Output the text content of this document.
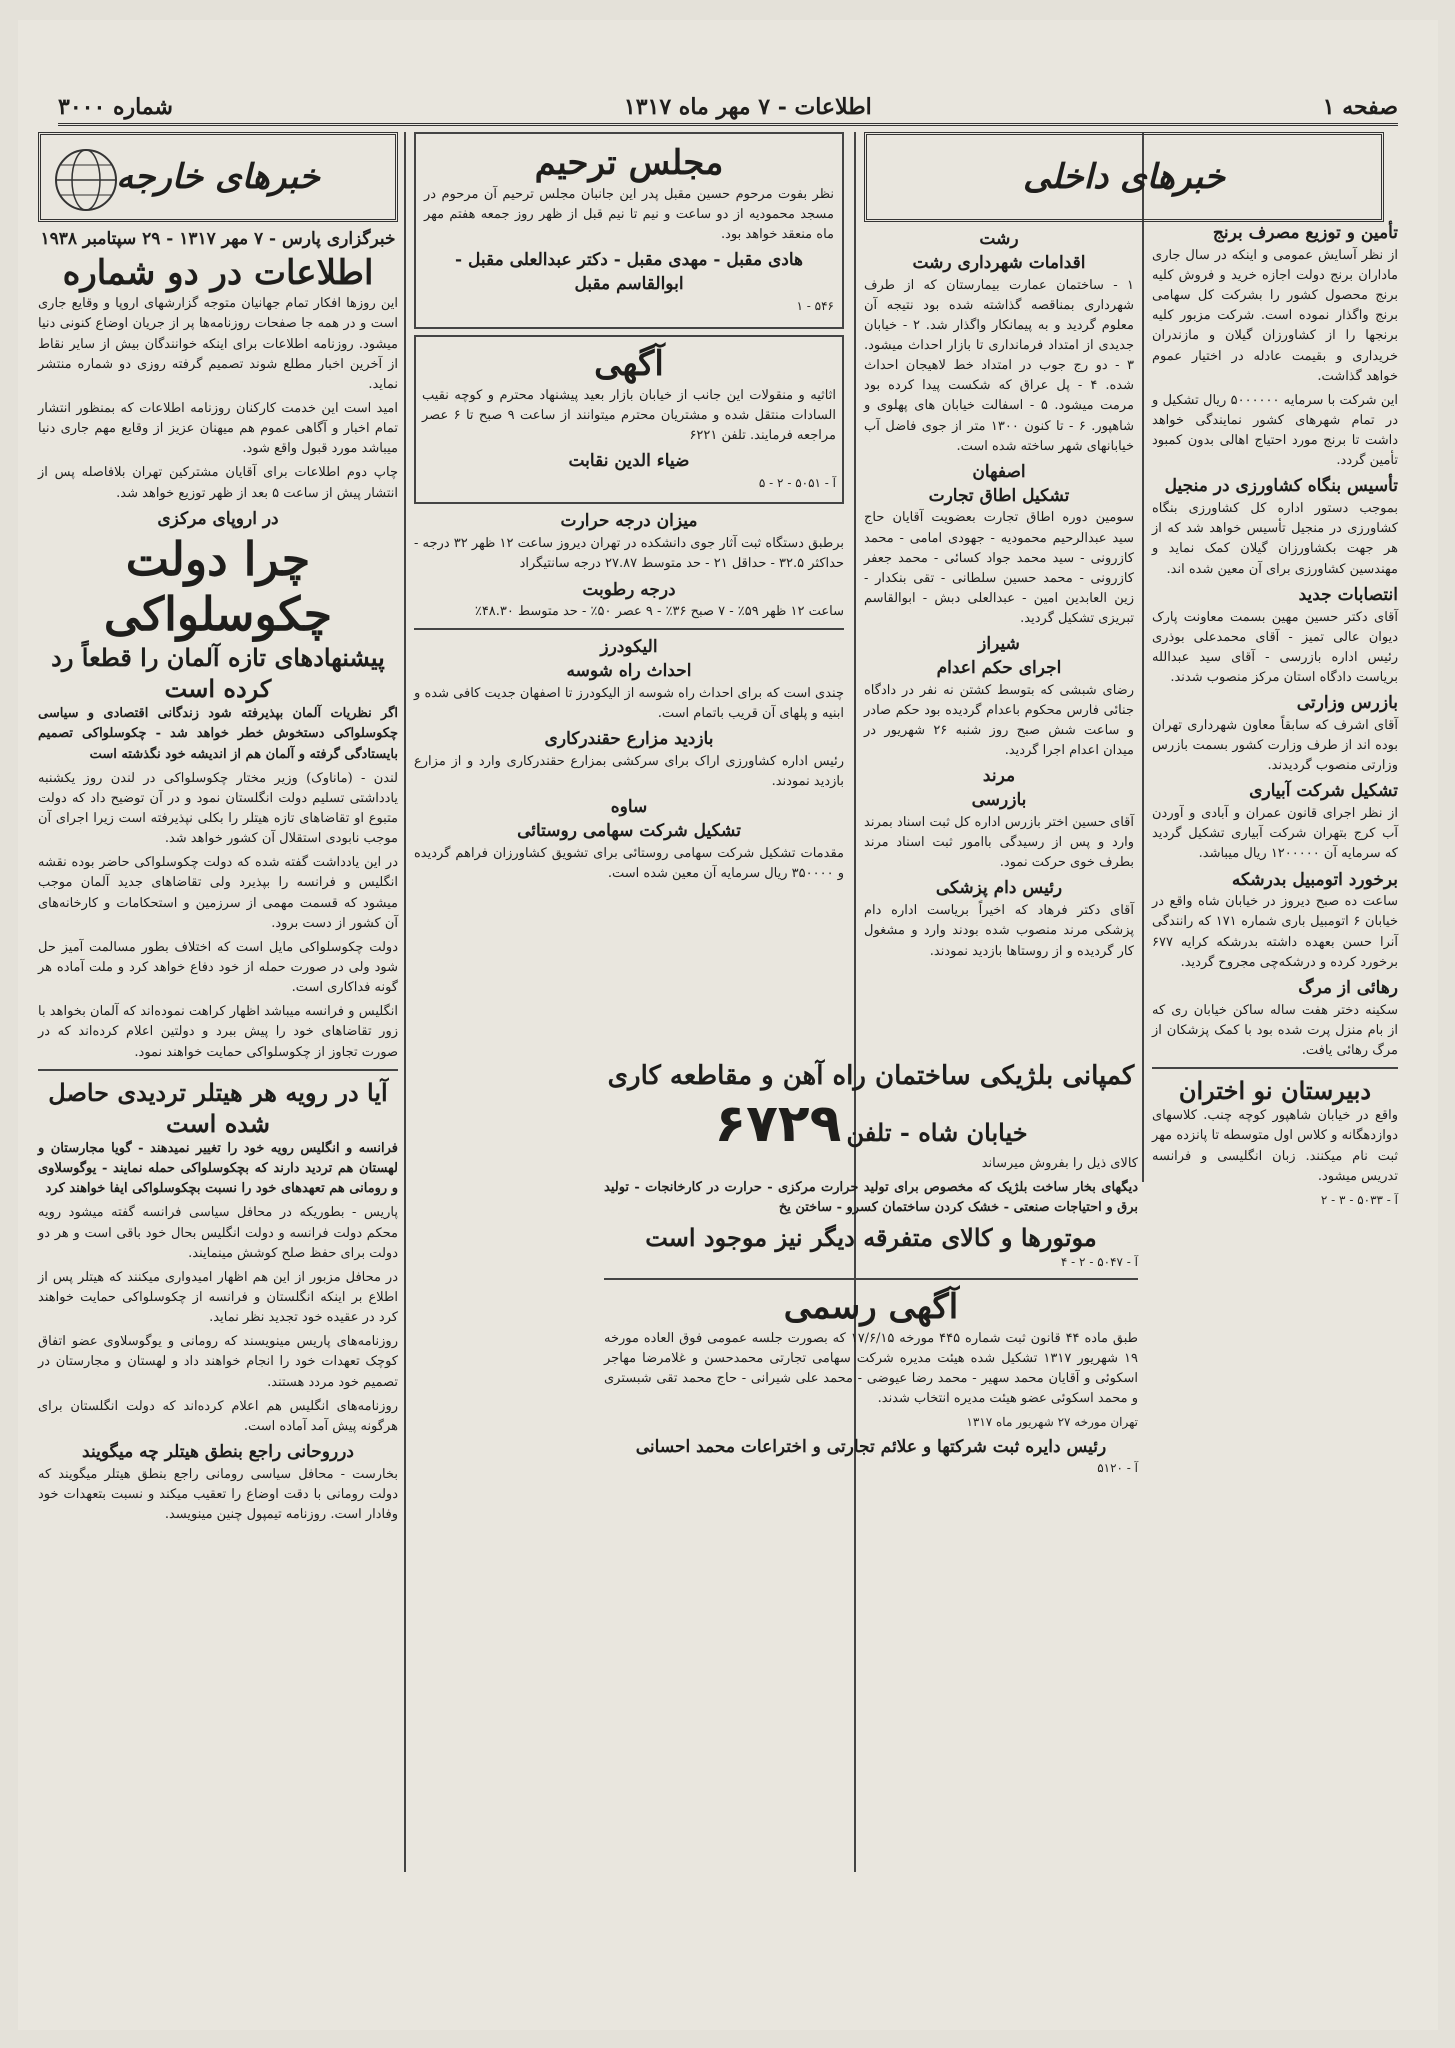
صفحه ۱
اطلاعات - ۷ مهر ماه ۱۳۱۷
شماره ۳۰۰۰
تأمین و توزیع مصرف برنج

از نظر آسایش عمومی و اینکه در سال جاری ماداران برنج دولت اجازه خرید و فروش کلیه برنج محصول کشور را بشرکت کل سهامی برنج واگذار نموده است. شرکت مزبور کلیه برنجها را از کشاورزان گیلان و مازندران خریداری و بقیمت عادله در اختیار عموم خواهد گذاشت.

این شرکت با سرمایه ۵۰۰۰۰۰۰ ریال تشکیل و در تمام شهرهای کشور نمایندگی خواهد داشت تا برنج مورد احتیاج اهالی بدون کمبود تأمین گردد.

تأسیس بنگاه کشاورزی در منجیل

بموجب دستور اداره کل کشاورزی بنگاه کشاورزی در منجیل تأسیس خواهد شد که از هر جهت بکشاورزان گیلان کمک نماید و مهندسین کشاورزی برای آن معین شده اند.

انتصابات جدید

آقای دکتر حسین مهین بسمت معاونت پارک دیوان عالی تمیز - آقای محمدعلی بوذری رئیس اداره بازرسی - آقای سید عبدالله بریاست دادگاه استان مرکز منصوب شدند.

بازرس وزارتی

آقای اشرف که سابقاً معاون شهرداری تهران بوده اند از طرف وزارت کشور بسمت بازرس وزارتی منصوب گردیدند.

تشکیل شرکت آبیاری

از نظر اجرای قانون عمران و آبادی و آوردن آب کرج بتهران شرکت آبیاری تشکیل گردید که سرمایه آن ۱۲۰۰۰۰۰ ریال میباشد.

برخورد اتومبیل بدرشکه

ساعت ده صبح دیروز در خیابان شاه واقع در خیابان ۶ اتومبیل باری شماره ۱۷۱ که رانندگی آنرا حسن بعهده داشته بدرشکه کرایه ۶۷۷ برخورد کرده و درشکه‌چی مجروح گردید.

رهائی از مرگ

سکینه دختر هفت ساله ساکن خیابان ری که از بام منزل پرت شده بود با کمک پزشکان از مرگ رهائی یافت.

دبیرستان نو اختران

واقع در خیابان شاهپور کوچه چنب. کلاسهای دوازدهگانه و کلاس اول متوسطه تا پانزده مهر ثبت نام میکنند. زبان انگلیسی و فرانسه تدریس میشود.

آ - ۵۰۳۳ - ۳ - ۲

خبرهای داخلی
رشت
اقدامات شهرداری رشت

۱ - ساختمان عمارت بیمارستان که از طرف شهرداری بمناقصه گذاشته شده بود نتیجه آن معلوم گردید و به پیمانکار واگذار شد. ۲ - خیابان جدیدی از امتداد فرمانداری تا بازار احداث میشود. ۳ - دو رج جوب در امتداد خط لاهیجان احداث شده. ۴ - پل عراق که شکست پیدا کرده بود مرمت میشود. ۵ - اسفالت خیابان های پهلوی و شاهپور. ۶ - تا کنون ۱۳۰۰ متر از جوی فاضل آب خیابانهای شهر ساخته شده است.

اصفهان
تشکیل اطاق تجارت

سومین دوره اطاق تجارت بعضویت آقایان حاج سید عبدالرحیم محمودیه - جهودی امامی - محمد کازرونی - سید محمد جواد کسائی - محمد جعفر کازرونی - محمد حسین سلطانی - تقی بنکدار - زین العابدین امین - عبدالعلی دبش - ابوالقاسم تبریزی تشکیل گردید.

شیراز
اجرای حکم اعدام

رضای شبشی که بتوسط کشتن نه نفر در دادگاه جنائی فارس محکوم باعدام گردیده بود حکم صادر و ساعت شش صبح روز شنبه ۲۶ شهریور در میدان اعدام اجرا گردید.

مرند
بازرسی

آقای حسین اختر بازرس اداره کل ثبت اسناد بمرند وارد و پس از رسیدگی باامور ثبت اسناد مرند بطرف خوی حرکت نمود.

رئیس دام پزشکی

آقای دکتر فرهاد که اخیراً بریاست اداره دام پزشکی مرند منصوب شده بودند وارد و مشغول کار گردیده و از روستاها بازدید نمودند.

مجلس ترحیم

نظر بفوت مرحوم حسین مقبل پدر این جانبان مجلس ترحیم آن مرحوم در مسجد محمودیه از دو ساعت و نیم تا نیم قبل از ظهر روز جمعه هفتم مهر ماه منعقد خواهد بود.

هادی مقبل - مهدی مقبل - دکتر عبدالعلی مقبل - ابوالقاسم مقبل

۵۴۶ - ۱

آگهی

اثاثیه و منقولات این جانب از خیابان بازار بعید پیشنهاد محترم و کوچه نقیب السادات منتقل شده و مشتریان محترم میتوانند از ساعت ۹ صبح تا ۶ عصر مراجعه فرمایند. تلفن ۶۲۲۱

ضیاء الدین نقابت

آ - ۵۰۵۱ - ۲ - ۵

میزان درجه حرارت

برطبق دستگاه ثبت آثار جوی دانشکده در تهران دیروز ساعت ۱۲ ظهر ۳۲ درجه - حداکثر ۳۲.۵ - حداقل ۲۱ - حد متوسط ۲۷.۸۷ درجه سانتیگراد

درجه رطوبت

ساعت ۱۲ ظهر ۵۹٪ - ۷ صبح ۳۶٪ - ۹ عصر ۵۰٪ - حد متوسط ۴۸.۳۰٪

الیکودرز
احداث راه شوسه

چندی است که برای احداث راه شوسه از الیکودرز تا اصفهان جدیت کافی شده و ابنیه و پلهای آن قریب باتمام است.

بازدید مزارع حقندرکاری

رئیس اداره کشاورزی اراک برای سرکشی بمزارع حقندرکاری وارد و از مزارع بازدید نمودند.

ساوه
تشکیل شرکت سهامی روستائی

مقدمات تشکیل شرکت سهامی روستائی برای تشویق کشاورزان فراهم گردیده و ۳۵۰۰۰۰ ریال سرمایه آن معین شده است.

خبرهای خارجه
خبرگزاری پارس - ۷ مهر ۱۳۱۷ - ۲۹ سپتامبر ۱۹۳۸
اطلاعات در دو شماره

این روزها افکار تمام جهانیان متوجه گزارشهای اروپا و وقایع جاری است و در همه جا صفحات روزنامه‌ها پر از جریان اوضاع کنونی دنیا میشود. روزنامه اطلاعات برای اینکه خوانندگان بیش از سایر نقاط از آخرین اخبار مطلع شوند تصمیم گرفته روزی دو شماره منتشر نماید.

امید است این خدمت کارکنان روزنامه اطلاعات که بمنظور انتشار تمام اخبار و آگاهی عموم هم میهنان عزیز از وقایع مهم جاری دنیا میباشد مورد قبول واقع شود.

چاپ دوم اطلاعات برای آقایان مشترکین تهران بلافاصله پس از انتشار پیش از ساعت ۵ بعد از ظهر توزیع خواهد شد.

در اروپای مرکزی
چرا دولت چکوسلواکی
پیشنهادهای تازه آلمان را قطعاً رد کرده است

اگر نظریات آلمان بپذیرفته شود زندگانی اقتصادی و سیاسی چکوسلواکی دستخوش خطر خواهد شد - چکوسلواکی تصمیم بایستادگی گرفته و آلمان هم از اندیشه خود نگذشته است

لندن - (ماناوک) وزیر مختار چکوسلواکی در لندن روز یکشنبه یادداشتی تسلیم دولت انگلستان نمود و در آن توضیح داد که دولت متبوع او تقاضاهای تازه هیتلر را بکلی نپذیرفته است زیرا اجرای آن موجب نابودی استقلال آن کشور خواهد شد.

در این یادداشت گفته شده که دولت چکوسلواکی حاضر بوده نقشه انگلیس و فرانسه را بپذیرد ولی تقاضاهای جدید آلمان موجب میشود که قسمت مهمی از سرزمین و استحکامات و کارخانه‌های آن کشور از دست برود.

دولت چکوسلواکی مایل است که اختلاف بطور مسالمت آمیز حل شود ولی در صورت حمله از خود دفاع خواهد کرد و ملت آماده هر گونه فداکاری است.

انگلیس و فرانسه میباشد اظهار کراهت نموده‌اند که آلمان بخواهد با زور تقاضاهای خود را پیش ببرد و دولتین اعلام کرده‌اند که در صورت تجاوز از چکوسلواکی حمایت خواهند نمود.

آیا در رویه هر هیتلر تردیدی حاصل شده است

فرانسه و انگلیس رویه خود را تغییر نمیدهند - گویا مجارستان و لهستان هم تردید دارند که بچکوسلواکی حمله نمایند - یوگوسلاوی و رومانی هم تعهدهای خود را نسبت بچکوسلواکی ایفا خواهند کرد

پاریس - بطوریکه در محافل سیاسی فرانسه گفته میشود رویه محکم دولت فرانسه و دولت انگلیس بحال خود باقی است و هر دو دولت برای حفظ صلح کوشش مینمایند.

در محافل مزبور از این هم اظهار امیدواری میکنند که هیتلر پس از اطلاع بر اینکه انگلستان و فرانسه از چکوسلواکی حمایت خواهند کرد در عقیده خود تجدید نظر نماید.

روزنامه‌های پاریس مینویسند که رومانی و یوگوسلاوی عضو اتفاق کوچک تعهدات خود را انجام خواهند داد و لهستان و مجارستان در تصمیم خود مردد هستند.

روزنامه‌های انگلیس هم اعلام کرده‌اند که دولت انگلستان برای هرگونه پیش آمد آماده است.

درروحانی راجع بنطق هیتلر چه میگویند

بخارست - محافل سیاسی رومانی راجع بنطق هیتلر میگویند که دولت رومانی با دقت اوضاع را تعقیب میکند و نسبت بتعهدات خود وفادار است. روزنامه تیمپول چنین مینویسد.

کمپانی بلژیکی ساختمان راه آهن و مقاطعه کاری
خیابان شاه - تلفن ۶۷۲۹

کالای ذیل را بفروش میرساند

دیگهای بخار ساخت بلژیک که مخصوص برای تولید حرارت مرکزی - حرارت در کارخانجات - تولید برق و احتیاجات صنعتی - خشک کردن ساختمان کسرو - ساختن یخ

موتورها و کالای متفرقه دیگر نیز موجود است

آ - ۵۰۴۷ - ۲ - ۴

آگهی رسمی

طبق ماده ۴۴ قانون ثبت شماره ۴۴۵ مورخه ۱۷/۶/۱۵ که بصورت جلسه عمومی فوق العاده مورخه ۱۹ شهریور ۱۳۱۷ تشکیل شده هیئت مدیره شرکت سهامی تجارتی محمدحسن و غلامرضا مهاجر اسکوئی و آقایان محمد سهیر - محمد رضا عیوضی - محمد علی شیرانی - حاج محمد تقی شبستری و محمد اسکوئی عضو هیئت مدیره انتخاب شدند.

تهران مورخه ۲۷ شهریور ماه ۱۳۱۷

رئیس دایره ثبت شرکتها و علائم تجارتی و اختراعات محمد احسانی

آ - ۵۱۲۰
